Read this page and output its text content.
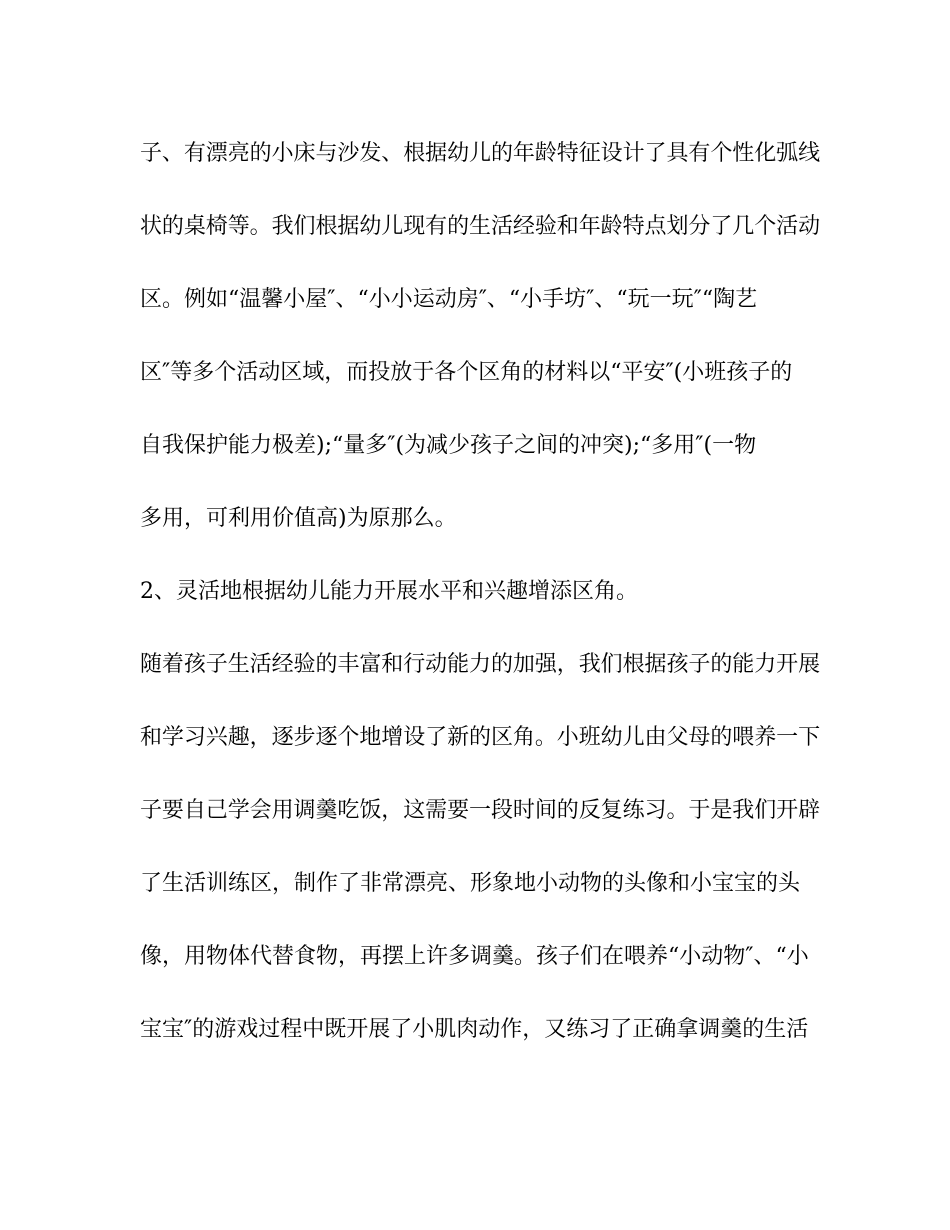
子、有漂亮的小床与沙发、根据幼儿的年龄特征设计了具有个性化弧线
状的桌椅等。我们根据幼儿现有的生活经验和年龄特点划分了几个活动
区。例如“温馨小屋″、“小小运动房″、“小手坊″、“玩一玩″“陶艺
区″等多个活动区域，而投放于各个区角的材料以“平安″(小班孩子的
自我保护能力极差);“量多″(为减少孩子之间的冲突);“多用″(一物
多用，可利用价值高)为原那么。
2、灵活地根据幼儿能力开展水平和兴趣增添区角。
随着孩子生活经验的丰富和行动能力的加强，我们根据孩子的能力开展
和学习兴趣，逐步逐个地增设了新的区角。小班幼儿由父母的喂养一下
子要自己学会用调羹吃饭，这需要一段时间的反复练习。于是我们开辟
了生活训练区，制作了非常漂亮、形象地小动物的头像和小宝宝的头
像，用物体代替食物，再摆上许多调羹。孩子们在喂养“小动物″、“小
宝宝″的游戏过程中既开展了小肌肉动作，又练习了正确拿调羹的生活
